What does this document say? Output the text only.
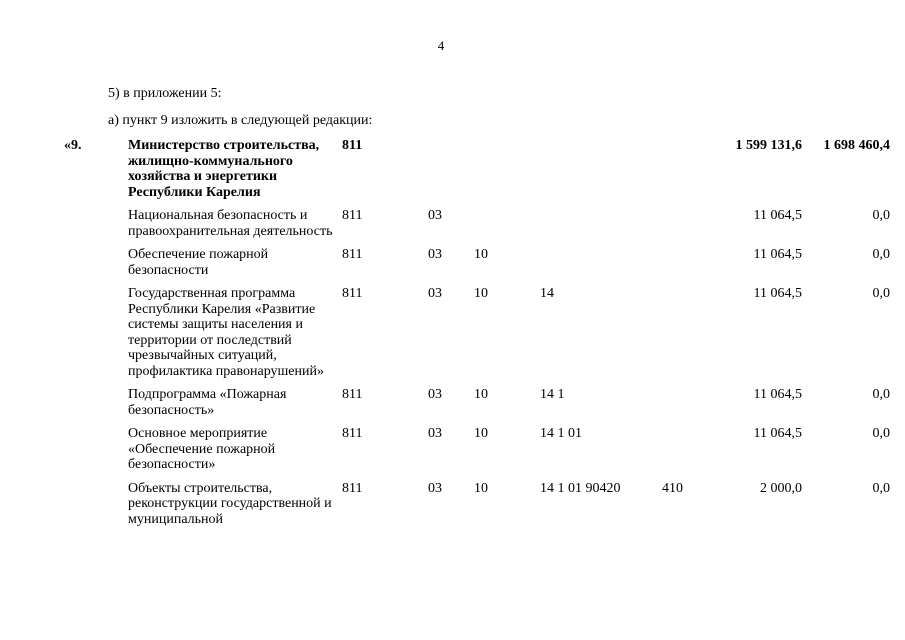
4
5) в приложении 5:
а) пункт 9 изложить в следующей редакции:
«9.	Министерство строительства, жилищно-коммунального хозяйства и энергетики Республики Карелия	811					1 599 131,6	1 698 460,4
	Национальная безопасность и правоохранительная деятельность	811	03				11 064,5	0,0
	Обеспечение пожарной безопасности	811	03	10			11 064,5	0,0
	Государственная программа Республики Карелия «Развитие системы защиты населения и территории от последствий чрезвычайных ситуаций, профилактика правонарушений»	811	03	10	14		11 064,5	0,0
	Подпрограмма «Пожарная безопасность»	811	03	10	14 1		11 064,5	0,0
	Основное мероприятие «Обеспечение пожарной безопасности»	811	03	10	14 1 01		11 064,5	0,0
	Объекты строительства, реконструкции государственной и муниципальной	811	03	10	14 1 01 90420	410	2 000,0	0,0
